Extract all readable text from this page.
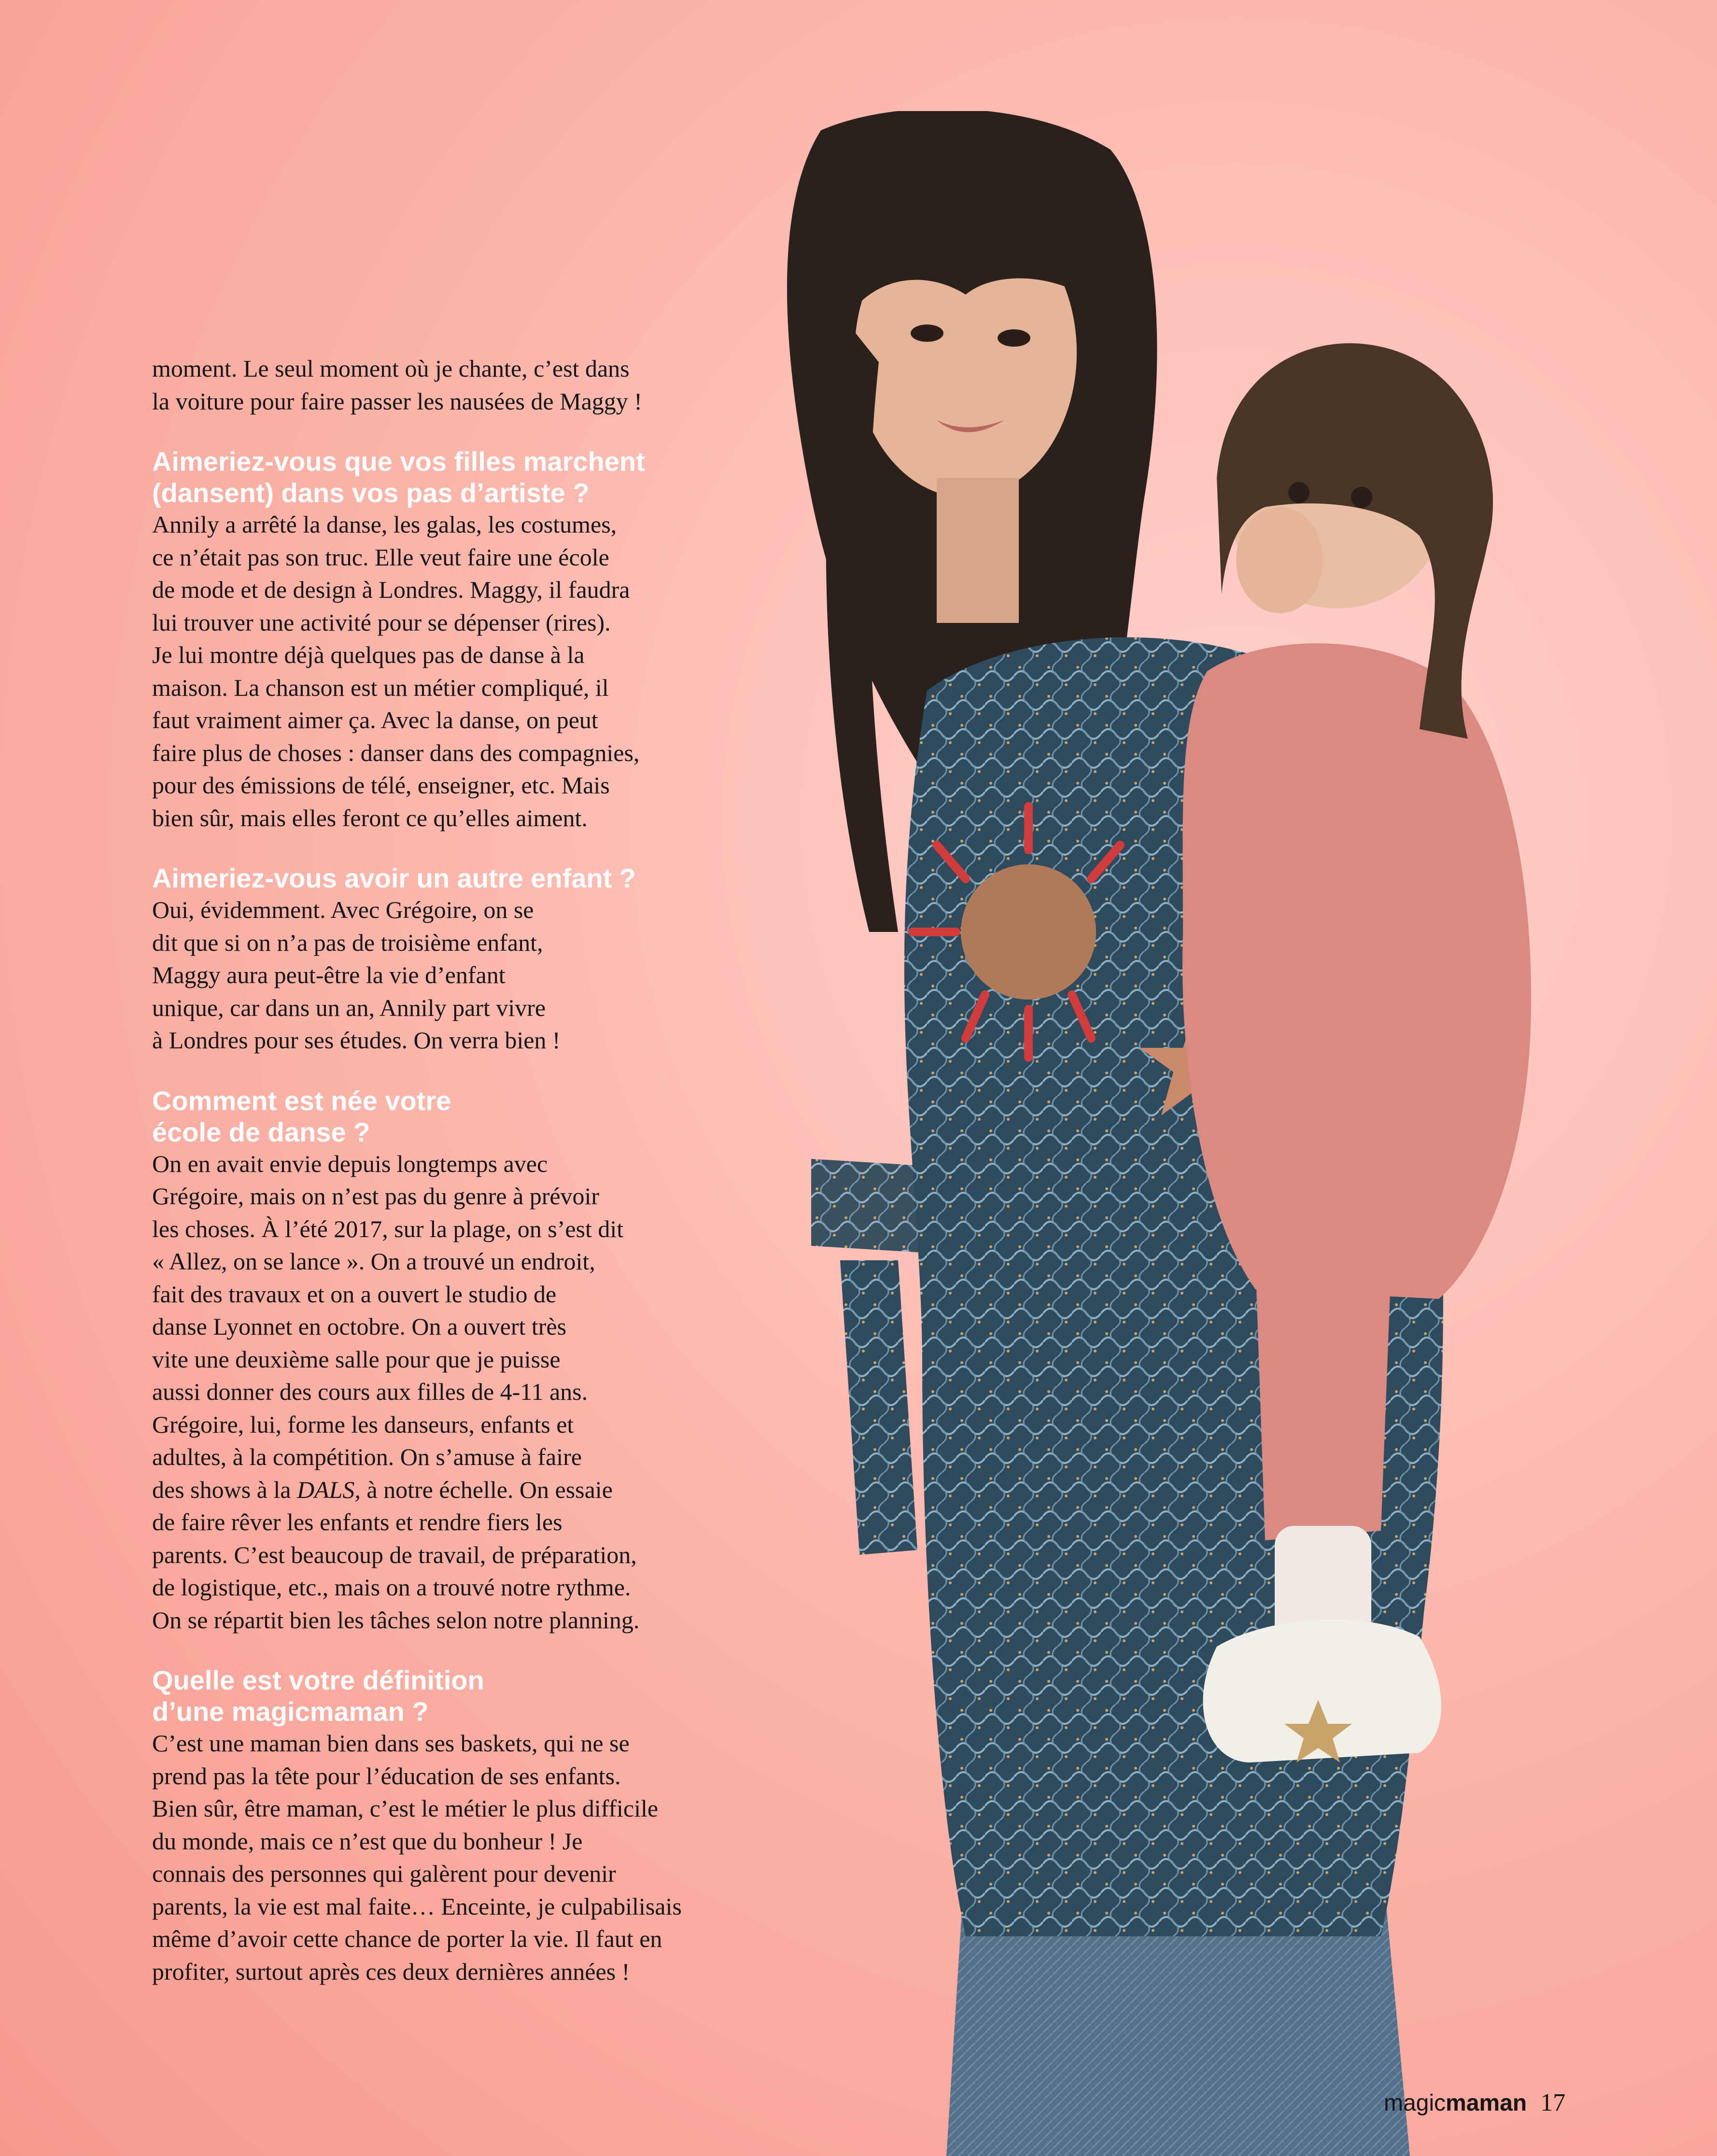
moment. Le seul moment où je chante, c’est dans
la voiture pour faire passer les nausées de Maggy !

Aimeriez-vous que vos filles marchent
(dansent) dans vos pas d’artiste ?

Annily a arrêté la danse, les galas, les costumes,
ce n’était pas son truc. Elle veut faire une école
de mode et de design à Londres. Maggy, il faudra
lui trouver une activité pour se dépenser (rires).
Je lui montre déjà quelques pas de danse à la
maison. La chanson est un métier compliqué, il
faut vraiment aimer ça. Avec la danse, on peut
faire plus de choses : danser dans des compagnies,
pour des émissions de télé, enseigner, etc. Mais
bien sûr, mais elles feront ce qu’elles aiment.

Aimeriez-vous avoir un autre enfant ?

Oui, évidemment. Avec Grégoire, on se
dit que si on n’a pas de troisième enfant,
Maggy aura peut-être la vie d’enfant
unique, car dans un an, Annily part vivre
à Londres pour ses études. On verra bien !

Comment est née votre
école de danse ?

On en avait envie depuis longtemps avec
Grégoire, mais on n’est pas du genre à prévoir
les choses. À l’été 2017, sur la plage, on s’est dit
« Allez, on se lance ». On a trouvé un endroit,
fait des travaux et on a ouvert le studio de
danse Lyonnet en octobre. On a ouvert très
vite une deuxième salle pour que je puisse
aussi donner des cours aux filles de 4-11 ans.
Grégoire, lui, forme les danseurs, enfants et
adultes, à la compétition. On s’amuse à faire
des shows à la DALS, à notre échelle. On essaie
de faire rêver les enfants et rendre fiers les
parents. C’est beaucoup de travail, de préparation,
de logistique, etc., mais on a trouvé notre rythme.
On se répartit bien les tâches selon notre planning.

Quelle est votre définition
d’une magicmaman ?

C’est une maman bien dans ses baskets, qui ne se
prend pas la tête pour l’éducation de ses enfants.
Bien sûr, être maman, c’est le métier le plus difficile
du monde, mais ce n’est que du bonheur ! Je
connais des personnes qui galèrent pour devenir
parents, la vie est mal faite… Enceinte, je culpabilisais
même d’avoir cette chance de porter la vie. Il faut en
profiter, surtout après ces deux dernières années !

magicmaman 17
